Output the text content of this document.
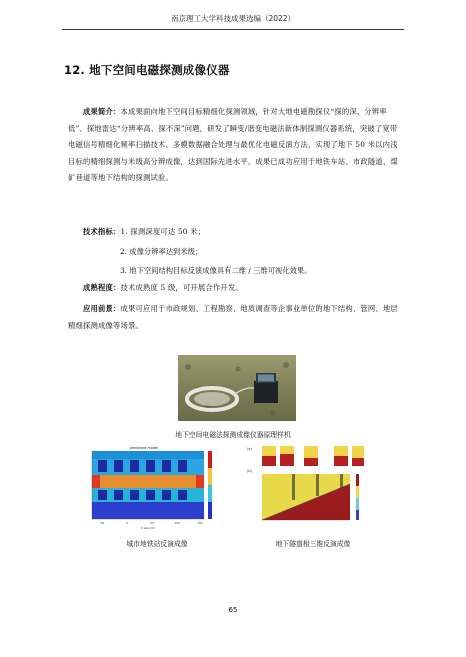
南京理工大学科技成果选编（2022）
12. 地下空间电磁探测成像仪器
成果简介：本成果面向地下空间目标精细化探测领域，针对大地电磁勘探仪“探的深、分辨率低”、探地雷达“分辨率高、探不深”问题，研发了瞬变/谐变电磁法新体制探测仪器系统，突破了宽带电磁信号精细化频率扫描技术、多模数据融合处理与最优化电磁反演方法，实现了地下 50 米以内浅目标的精细探测与米级高分辨成像，达到国际先进水平。成果已成功应用于地铁车站、市政隧道、煤矿巷道等地下结构的探测试验。
技术指标：1. 探测深度可达 50 米；
2. 成像分辨率达到米级；
3. 地下空间结构目标反演成像具有二维 / 三维可视化效果。
成熟程度：技术成熟度 5 级，可开展合作开发。
应用前景：成果可应用于市政规划、工程勘察、地质调查等企事业单位的地下结构、管网、地层精细探测成像等场景。
地下空间电磁法探测成像仪器原理样机
predicted model
-50	0	50	100	150
X axis (m)
城市地铁站反演成像
(a)
(b)
地下隧道相三维反演成像
65
